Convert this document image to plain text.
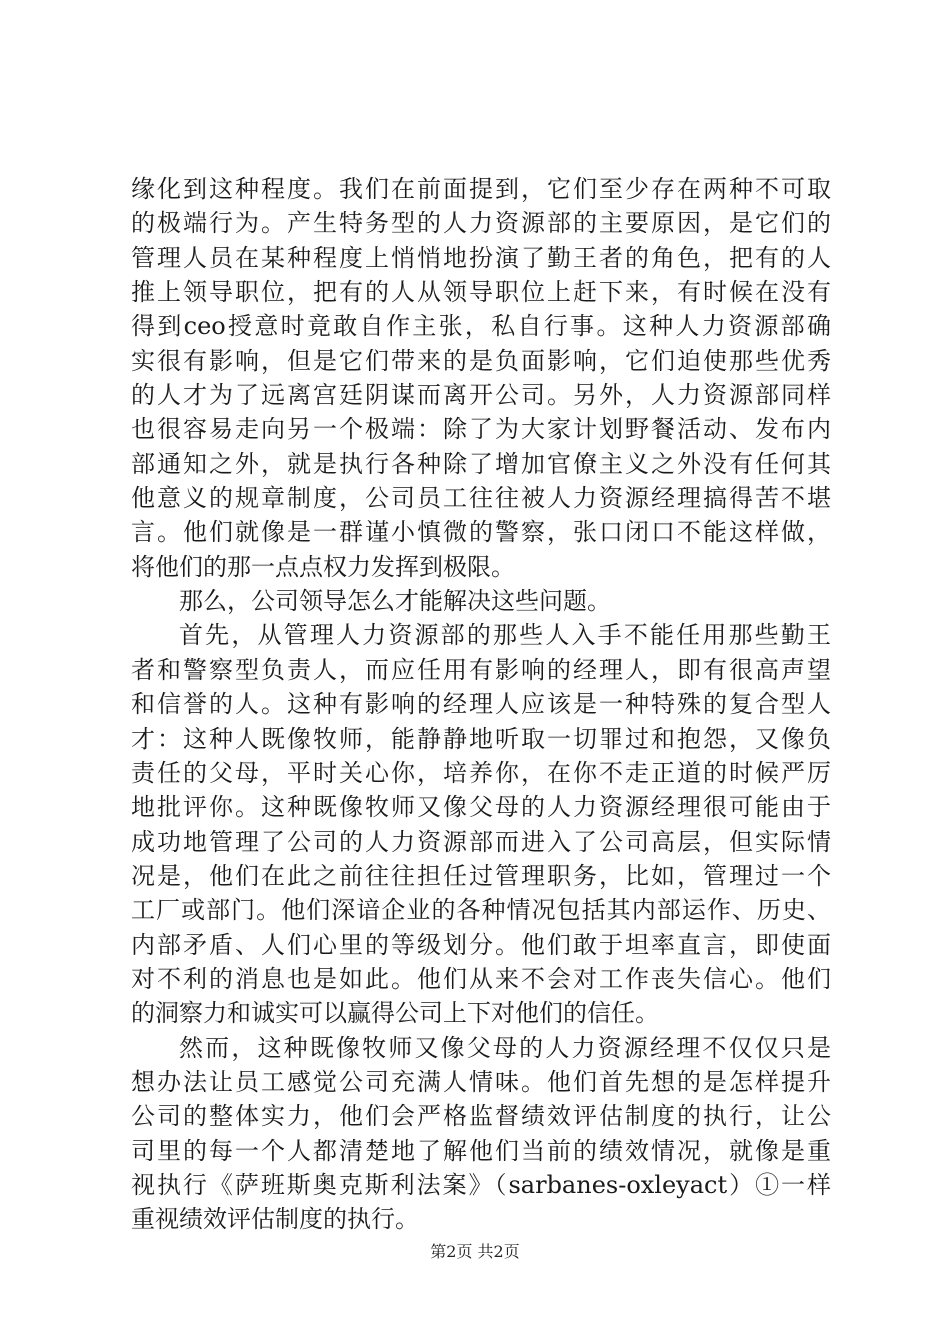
缘化到这种程度。我们在前面提到，它们至少存在两种不可取
的极端行为。产生特务型的人力资源部的主要原因，是它们的
管理人员在某种程度上悄悄地扮演了勤王者的角色，把有的人
推上领导职位，把有的人从领导职位上赶下来，有时候在没有
得到ceo授意时竟敢自作主张，私自行事。这种人力资源部确
实很有影响，但是它们带来的是负面影响，它们迫使那些优秀
的人才为了远离宫廷阴谋而离开公司。另外，人力资源部同样
也很容易走向另一个极端：除了为大家计划野餐活动、发布内
部通知之外，就是执行各种除了增加官僚主义之外没有任何其
他意义的规章制度，公司员工往往被人力资源经理搞得苦不堪
言。他们就像是一群谨小慎微的警察，张口闭口不能这样做，
将他们的那一点点权力发挥到极限。
那么，公司领导怎么才能解决这些问题。
首先，从管理人力资源部的那些人入手不能任用那些勤王
者和警察型负责人，而应任用有影响的经理人，即有很高声望
和信誉的人。这种有影响的经理人应该是一种特殊的复合型人
才：这种人既像牧师，能静静地听取一切罪过和抱怨，又像负
责任的父母，平时关心你，培养你，在你不走正道的时候严厉
地批评你。这种既像牧师又像父母的人力资源经理很可能由于
成功地管理了公司的人力资源部而进入了公司高层，但实际情
况是，他们在此之前往往担任过管理职务，比如，管理过一个
工厂或部门。他们深谙企业的各种情况包括其内部运作、历史、
内部矛盾、人们心里的等级划分。他们敢于坦率直言，即使面
对不利的消息也是如此。他们从来不会对工作丧失信心。他们
的洞察力和诚实可以赢得公司上下对他们的信任。
然而，这种既像牧师又像父母的人力资源经理不仅仅只是
想办法让员工感觉公司充满人情味。他们首先想的是怎样提升
公司的整体实力，他们会严格监督绩效评估制度的执行，让公
司里的每一个人都清楚地了解他们当前的绩效情况，就像是重
视执行《萨班斯奥克斯利法案》（sarbanes-oxleyact）①一样
重视绩效评估制度的执行。
第2页 共2页
